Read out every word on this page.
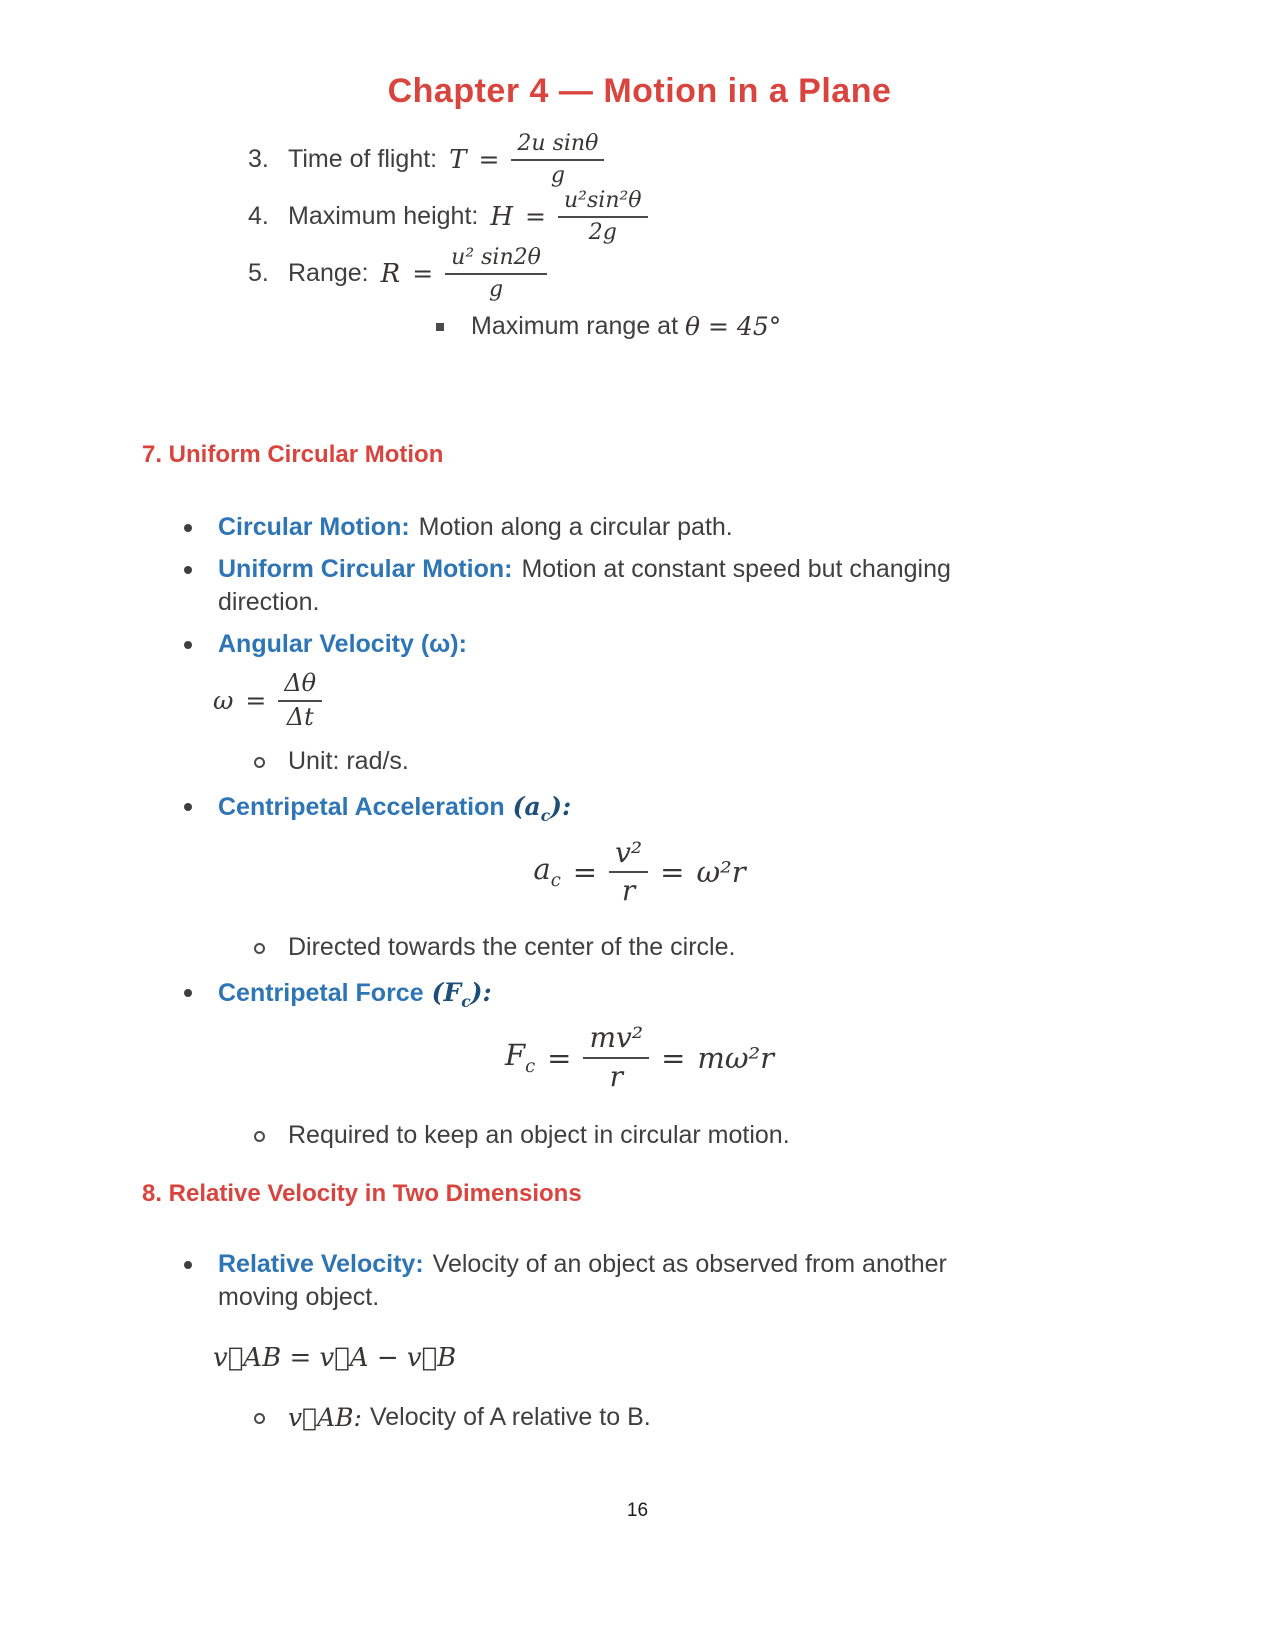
Chapter 4 — Motion in a Plane
3. Time of flight: $T = \frac{\text{2u sinθ}}{g}$
4. Maximum height: $H = \frac{\text{u²sin²θ}}{2g}$
5. Range: $R = \frac{\text{u² sin2θ}}{g}$
Maximum range at θ = 45°
7. Uniform Circular Motion
Circular Motion: Motion along a circular path.
Uniform Circular Motion: Motion at constant speed but changing direction.
Angular Velocity (ω):
$\omega = \frac{\Delta\theta}{\Delta t}$
Unit: rad/s.
Centripetal Acceleration $(a_c)$:
$a_c = \frac{\text{v²}}{r} = \omega^2r$
Directed towards the center of the circle.
Centripetal Force $(F_c)$:
$F_c = \frac{\text{mv²}}{r} = m\omega^2r$
Required to keep an object in circular motion.
8. Relative Velocity in Two Dimensions
Relative Velocity: Velocity of an object as observed from another moving object.
v⃗AB = v⃗A − v⃗B
v⃗AB: Velocity of A relative to B.
16
